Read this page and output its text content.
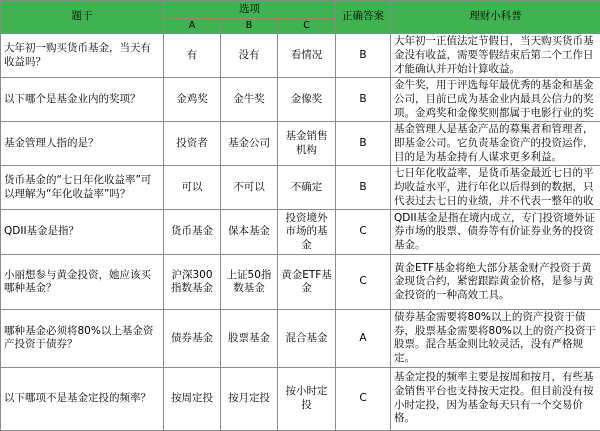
题干	选项			正确答案	理财小科普
	A	B	C		
大年初一购买货币基金，当天有收益吗？	有	没有	看情况	B	大年初一正值法定节假日，当天购买货币基金没有收益，需要等假结束后第二个工作日才能确认并开始计算收益。
以下哪个是基金业内的奖项？	金鸡奖	金牛奖	金像奖	B	金牛奖，用于评选每年最优秀的基金和基金公司，目前已成为基金业内最具公信力的奖项。金鸡奖和金像奖则都属于电影行业的奖
基金管理人指的是？	投资者	基金公司	基金销售机构	B	基金管理人是基金产品的募集者和管理者，即基金公司。它负责基金资产的投资运作，目的是为基金持有人谋求更多利益。
货币基金的“七日年化收益率”可以理解为“年化收益率”吗？	可以	不可以	不确定	B	七日年化收益率，是货币基金最近七日的平均收益水平，进行年化以后得到的数据，只代表过去七日的业绩，并不代表一整年的收
QDII基金是指？	货币基金	保本基金	投资境外市场的基金	C	QDII基金是指在境内成立，专门投资境外证券市场的股票、债券等有价证券业务的投资基金。
小丽想参与黄金投资，她应该买哪种基金？	沪深300指数基金	上证50指数基金	黄金ETF基金	C	黄金ETF基金将绝大部分基金财产投资于黄金现货合约，紧密跟踪黄金价格，是参与黄金投资的一种高效工具。
哪种基金必须将80%以上基金资产投资于债券？	债券基金	股票基金	混合基金	A	债券基金需要将80%以上的资产投资于债券，股票基金需要将80%以上的资产投资于股票。混合基金则比较灵活，没有严格规定。
以下哪项不是基金定投的频率？	按周定投	按月定投	按小时定投	C	基金定投的频率主要是按周和按月，有些基金销售平台也支持按天定投。但目前没有按小时定投，因为基金每天只有一个交易价格。
